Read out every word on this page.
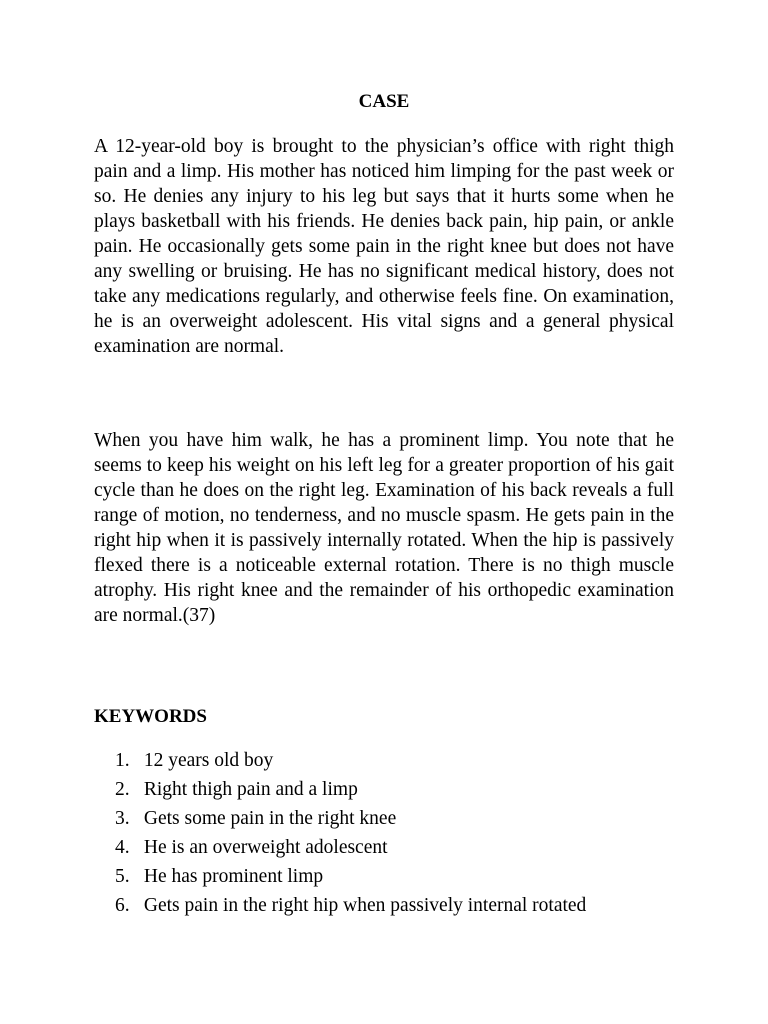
CASE

A 12-year-old boy is brought to the physician’s office with right thigh pain and a limp. His mother has noticed him limping for the past week or so. He denies any injury to his leg but says that it hurts some when he plays basketball with his friends. He denies back pain, hip pain, or ankle pain. He occasionally gets some pain in the right knee but does not have any swelling or bruising. He has no significant medical history, does not take any medications regularly, and otherwise feels fine. On examination, he is an overweight adolescent. His vital signs and a general physical examination are normal.

When you have him walk, he has a prominent limp. You note that he seems to keep his weight on his left leg for a greater proportion of his gait cycle than he does on the right leg. Examination of his back reveals a full range of motion, no tenderness, and no muscle spasm. He gets pain in the right hip when it is passively internally rotated. When the hip is passively flexed there is a noticeable external rotation. There is no thigh muscle atrophy. His right knee and the remainder of his orthopedic examination are normal.(37)

KEYWORDS
1. 12 years old boy
2. Right thigh pain and a limp
3. Gets some pain in the right knee
4. He is an overweight adolescent
5. He has prominent limp
6. Gets pain in the right hip when passively internal rotated
